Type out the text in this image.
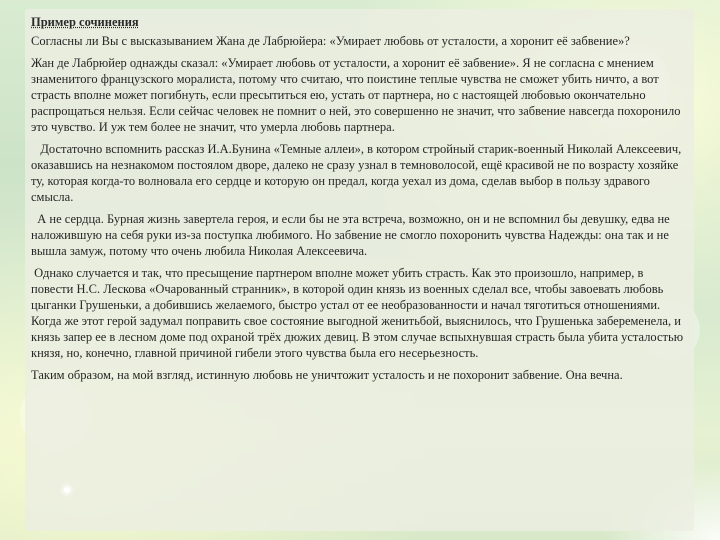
Пример сочинения

Согласны ли Вы с высказыванием Жана де Лабрюйера: «Умирает любовь от усталости, а хоронит её забвение»?

Жан де Лабрюйер однажды сказал: «Умирает любовь от усталости, а хоронит её забвение». Я не согласна с мнением знаменитого французского моралиста, потому что считаю, что поистине теплые чувства не сможет убить ничто, а вот страсть вполне может погибнуть, если пресытиться ею, устать от партнера, но с настоящей любовью окончательно распрощаться нельзя. Если сейчас человек не помнит о ней, это совершенно не значит, что забвение навсегда похоронило это чувство. И уж тем более не значит, что умерла любовь партнера.

Достаточно вспомнить рассказ И.А.Бунина «Темные аллеи», в котором стройный старик-военный Николай Алексеевич, оказавшись на незнакомом постоялом дворе, далеко не сразу узнал в темноволосой, ещё красивой не по возрасту хозяйке ту, которая когда-то волновала его сердце и которую он предал, когда уехал из дома, сделав выбор в пользу здравого смысла.

А не сердца. Бурная жизнь завертела героя, и если бы не эта встреча, возможно, он и не вспомнил бы девушку, едва не наложившую на себя руки из-за поступка любимого. Но забвение не смогло похоронить чувства Надежды: она так и не вышла замуж, потому что очень любила Николая Алексеевича.

Однако случается и так, что пресыщение партнером вполне может убить страсть. Как это произошло, например, в повести Н.С. Лескова «Очарованный странник», в которой один князь из военных сделал все, чтобы завоевать любовь цыганки Грушеньки, а добившись желаемого, быстро устал от ее необразованности и начал тяготиться отношениями. Когда же этот герой задумал поправить свое состояние выгодной женитьбой, выяснилось, что Грушенька забеременела, и князь запер ее в лесном доме под охраной трёх дюжих девиц. В этом случае вспыхнувшая страсть была убита усталостью князя, но, конечно, главной причиной гибели этого чувства была его несерьезность.

Таким образом, на мой взгляд, истинную любовь не уничтожит усталость и не похоронит забвение. Она вечна.
